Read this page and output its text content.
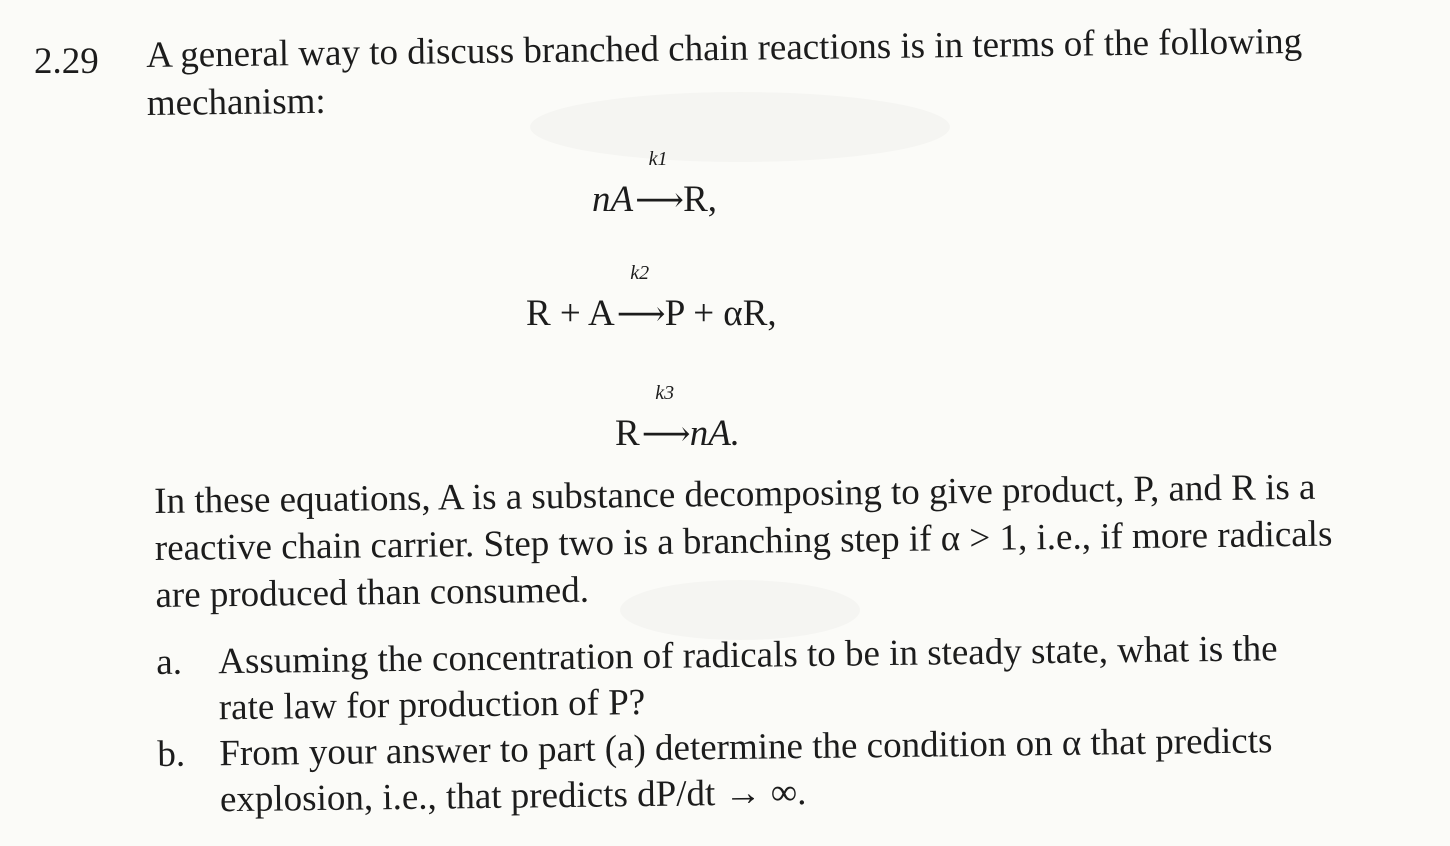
2.29 A general way to discuss branched chain reactions is in terms of the following mechanism:
nA
k1
⟶ R,
R + A
k2
⟶ P + αR,
R
k3
⟶ nA.
In these equations, A is a substance decomposing to give product, P, and R is a reactive chain carrier. Step two is a branching step if α > 1, i.e., if more radicals are produced than consumed.
a. Assuming the concentration of radicals to be in steady state, what is the rate law for production of P?
b. From your answer to part (a) determine the condition on α that predicts explosion, i.e., that predicts dP/dt → ∞.
